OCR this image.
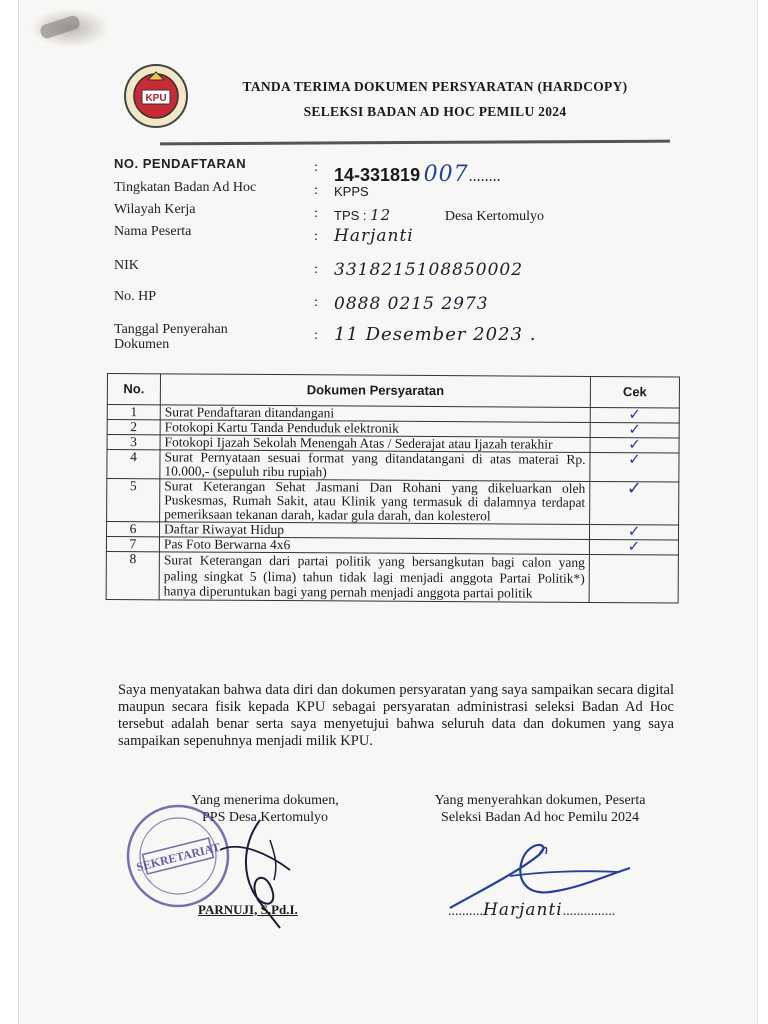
KPU
TANDA TERIMA DOKUMEN PERSYARATAN (HARDCOPY)
SELEKSI BADAN AD HOC PEMILU 2024
NO. PENDAFTARAN	: 14-331819 007........
Tingkatan Badan Ad Hoc	: KPPS
Wilayah Kerja	: TPS : 12	Desa Kertomulyo
Nama Peserta	: Harjanti
NIK	: 3318215108850002
No. HP	: 0888 0215 2973
Tanggal Penyerahan
Dokumen
: 11 Desember 2023 .
No.	Dokumen Persyaratan	Cek
1	Surat Pendaftaran ditandangani	✓
2	Fotokopi Kartu Tanda Penduduk elektronik	✓
3	Fotokopi Ijazah Sekolah Menengah Atas / Sederajat atau Ijazah terakhir	✓
4	Surat Pernyataan sesuai format yang ditandatangani di atas materai Rp. 10.000,- (sepuluh ribu rupiah)	✓
5	Surat Keterangan Sehat Jasmani Dan Rohani yang dikeluarkan oleh Puskesmas, Rumah Sakit, atau Klinik yang termasuk di dalamnya terdapat pemeriksaan tekanan darah, kadar gula darah, dan kolesterol	✓
6	Daftar Riwayat Hidup	✓
7	Pas Foto Berwarna 4x6	✓
8	Surat Keterangan dari partai politik yang bersangkutan bagi calon yang paling singkat 5 (lima) tahun tidak lagi menjadi anggota Partai Politik*) hanya diperuntukan bagi yang pernah menjadi anggota partai politik	
Saya menyatakan bahwa data diri dan dokumen persyaratan yang saya sampaikan secara digital maupun secara fisik kepada KPU sebagai persyaratan administrasi seleksi Badan Ad Hoc tersebut adalah benar serta saya menyetujui bahwa seluruh data dan dokumen yang saya sampaikan sepenuhnya menjadi milik KPU.
Yang menerima dokumen,
PPS Desa Kertomulyo
Yang menyerahkan dokumen, Peserta
Seleksi Badan Ad hoc Pemilu 2024
SEKRETARIAT
PARNUJI, S.Pd.I.	..........Harjanti...............
